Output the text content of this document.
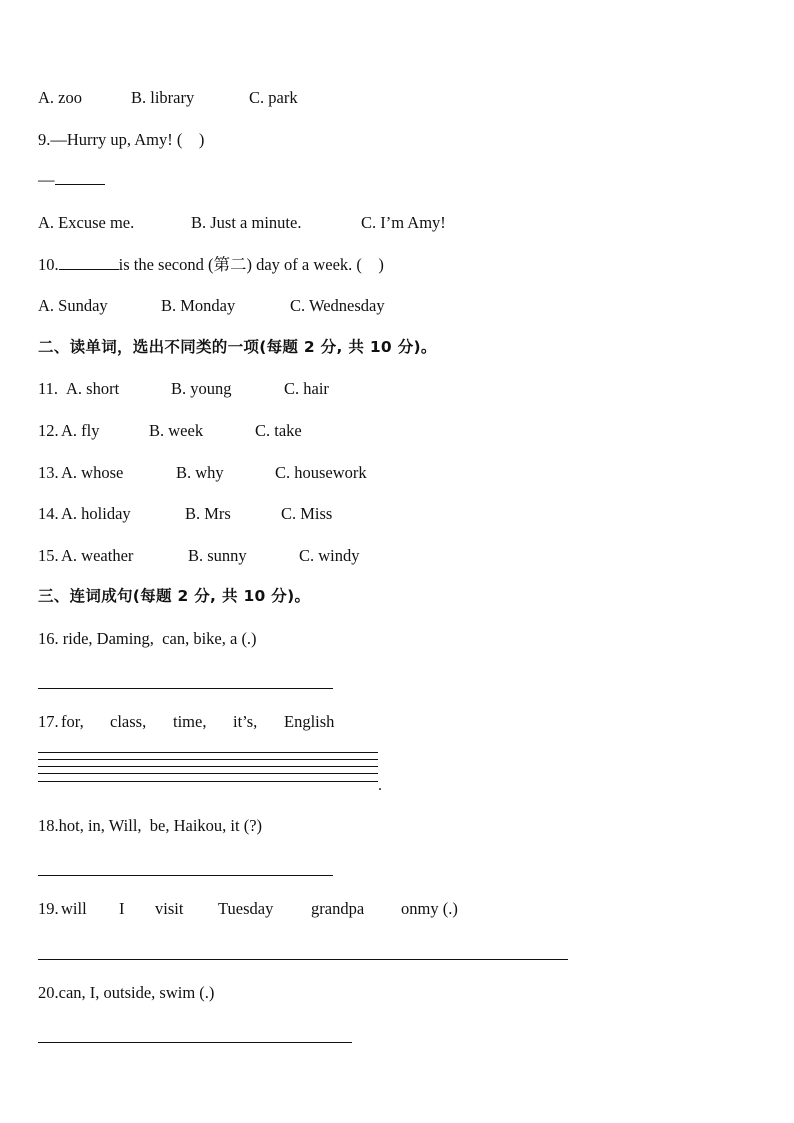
A. zoo	B. library	C. park
9.—Hurry up, Amy! (    )
—
A. Excuse me.	B. Just a minute.	C. I’m Amy!
10.	is the second (第二) day of a week. (    )
A. Sunday	B. Monday	C. Wednesday
二、读单词，选出不同类的一项(每题 2 分, 共 10 分)。
11. A. short	B. young	C. hair
12. A. fly	B. week	C. take
13. A. whose	B. why	C. housework
14. A. holiday	B. Mrs	C. Miss
15. A. weather	B. sunny	C. windy
三、连词成句(每题 2 分, 共 10 分)。
16. ride, Daming,  can, bike, a (.)
17. for, class, time, it’s, English
.
18.hot, in, Will,  be, Haikou, it (?)
19. will I visit Tuesday grandpa onmy (.)
20.can, I, outside, swim (.)
